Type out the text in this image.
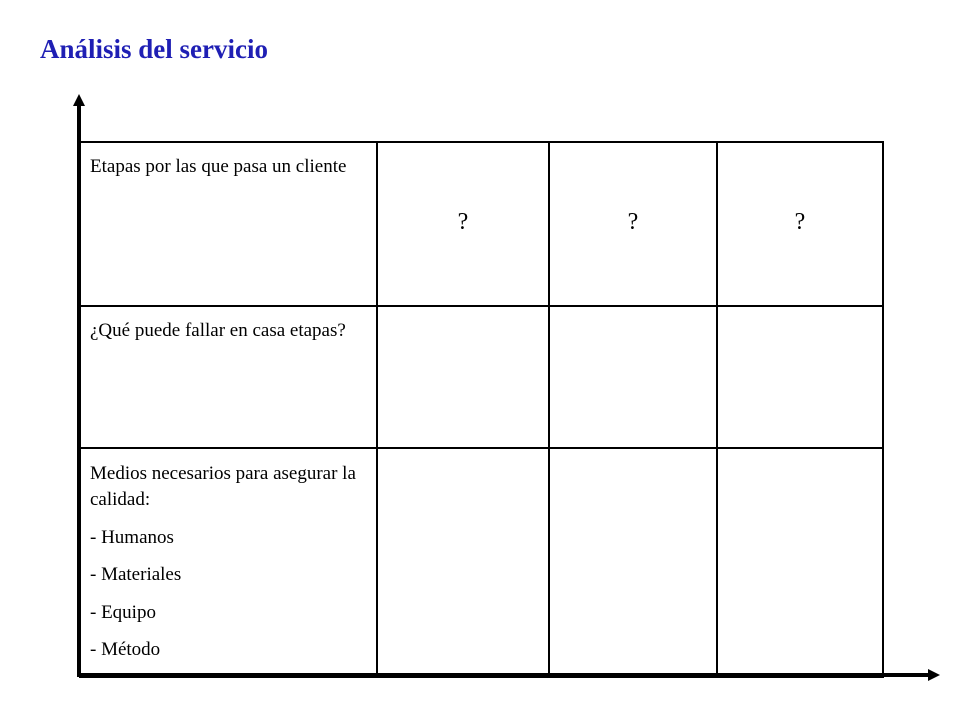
Análisis del servicio
Etapas por las que pasa un cliente	?	?	?

¿Qué puede fallar en casa etapas?			

Medios necesarios para asegurar la calidad:
- Humanos
- Materiales
- Equipo
- Método			
